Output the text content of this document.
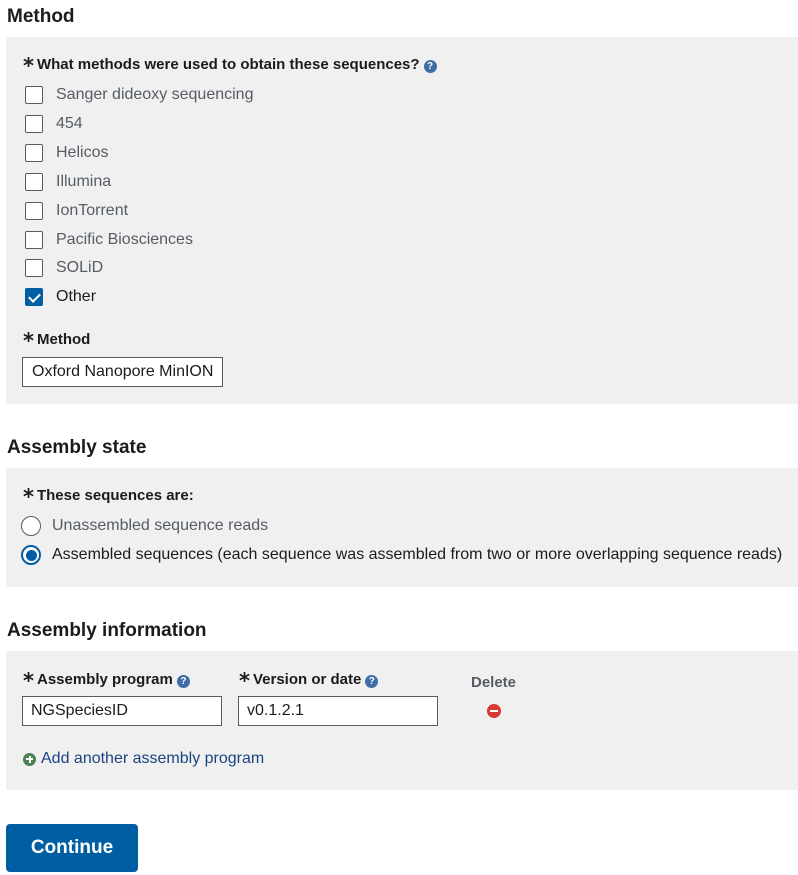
Method
* What methods were used to obtain these sequences? ?
Sanger dideoxy sequencing
454
Helicos
Illumina
IonTorrent
Pacific Biosciences
SOLiD
Other
* Method
Oxford Nanopore MinION;
Assembly state
* These sequences are:
Unassembled sequence reads
Assembled sequences (each sequence was assembled from two or more overlapping sequence reads)
Assembly information
* Assembly program ?	* Version or date ?	Delete
NGSpeciesID
v0.1.2.1
Add another assembly program
Continue
